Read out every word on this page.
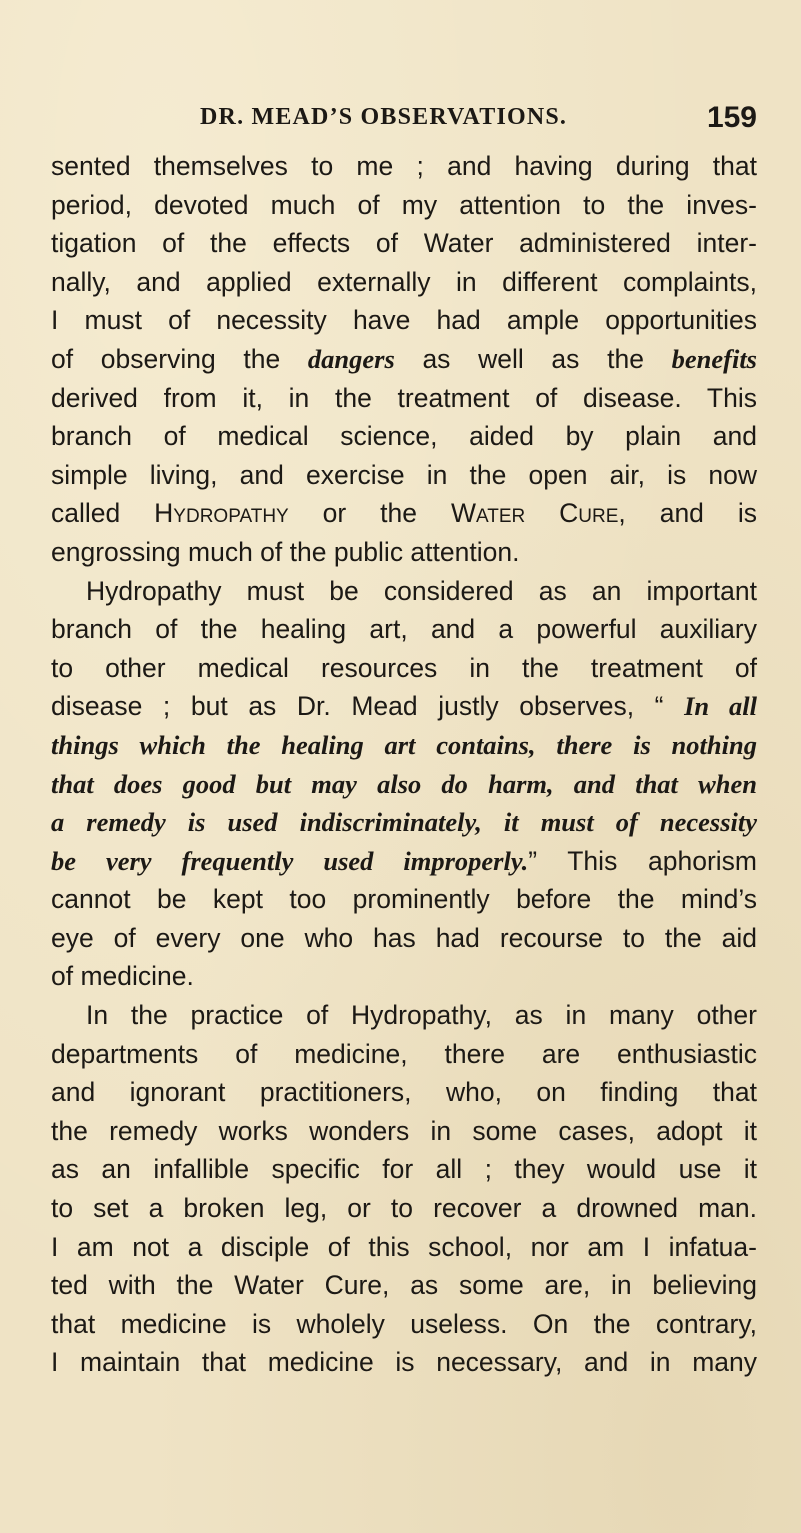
DR. MEAD’S OBSERVATIONS.	159
sented themselves to me ; and having during that
period, devoted much of my attention to the inves-
tigation of the effects of Water administered inter-
nally, and applied externally in different complaints,
I must of necessity have had ample opportunities
of observing the dangers as well as the benefits
derived from it, in the treatment of disease. This
branch of medical science, aided by plain and
simple living, and exercise in the open air, is now
called Hydropathy or the Water Cure, and is
engrossing much of the public attention.
Hydropathy must be considered as an important
branch of the healing art, and a powerful auxiliary
to other medical resources in the treatment of
disease ; but as Dr. Mead justly observes, “ In all
things which the healing art contains, there is nothing
that does good but may also do harm, and that when
a remedy is used indiscriminately, it must of necessity
be very frequently used improperly.” This aphorism
cannot be kept too prominently before the mind’s
eye of every one who has had recourse to the aid
of medicine.
In the practice of Hydropathy, as in many other
departments of medicine, there are enthusiastic
and ignorant practitioners, who, on finding that
the remedy works wonders in some cases, adopt it
as an infallible specific for all ; they would use it
to set a broken leg, or to recover a drowned man.
I am not a disciple of this school, nor am I infatua-
ted with the Water Cure, as some are, in believing
that medicine is wholely useless. On the contrary,
I maintain that medicine is necessary, and in many
